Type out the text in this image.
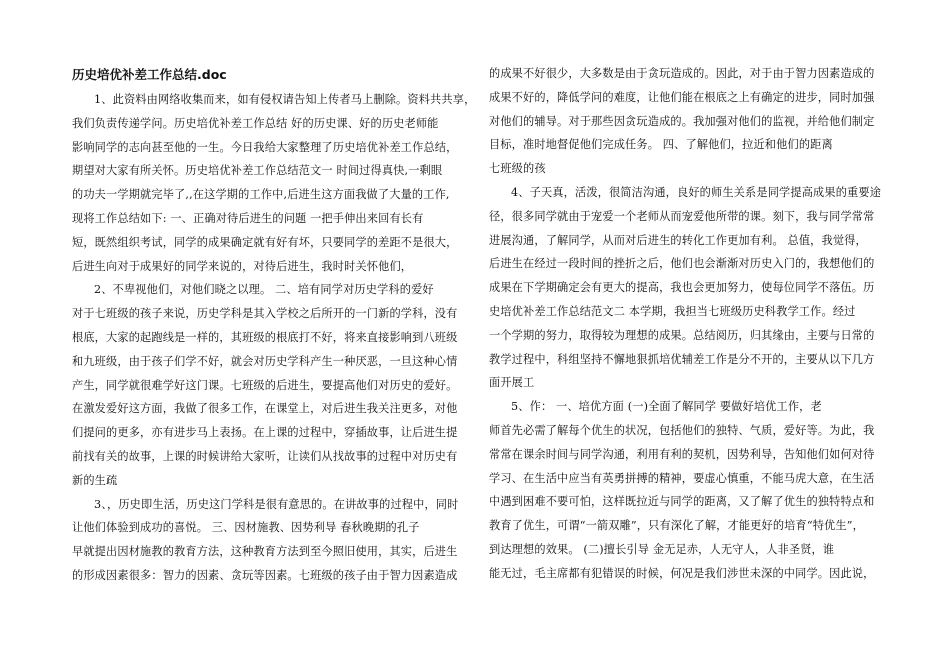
历史培优补差工作总结.doc
1、此资料由网络收集而来，如有侵权请告知上传者马上删除。资料共共享，
我们负责传递学问。历史培优补差工作总结 好的历史课、好的历史老师能
影响同学的志向甚至他的一生。今日我给大家整理了历史培优补差工作总结，
期望对大家有所关怀。历史培优补差工作总结范文一 时间过得真快,一剩眼
的功夫一学期就完毕了,,在这学期的工作中,后进生这方面我做了大量的工作,
现将工作总结如下: 一、正确对待后进生的问题 一把手伸出来回有长有
短，既然组织考试，同学的成果确定就有好有坏，只要同学的差距不是很大，
后进生向对于成果好的同学来说的，对待后进生，我时时关怀他们，
2、不卑视他们，对他们晓之以理。 二、培有同学对历史学科的爱好
对于七班级的孩子来说，历史学科是其入学校之后所开的一门新的学科，没有
根底，大家的起跑线是一样的，其班级的根底打不好，将来直接影响到八班级
和九班级，由于孩子们学不好，就会对历史学科产生一种厌恶，一旦这种心情
产生，同学就很难学好这门课。七班级的后进生，要提高他们对历史的爱好。
在激发爱好这方面，我做了很多工作，在课堂上，对后进生我关注更多，对他
们提问的更多，亦有进步马上表扬。在上课的过程中，穿插故事，让后进生提
前找有关的故事，上课的时候讲给大家听，让读们从找故事的过程中对历史有
新的生疏
3、，历史即生活，历史这门学科是很有意思的。在讲故事的过程中，同时
让他们体验到成功的喜悦。 三、因材施教、因势利导 春秋晚期的孔子
早就提出因材施教的教育方法，这种教育方法到至今照旧使用，其实，后进生
的形成因素很多：智力的因素、贪玩等因素。七班级的孩子由于智力因素造成
的成果不好很少，大多数是由于贪玩造成的。因此，对于由于智力因素造成的
成果不好的，降低学问的难度，让他们能在根底之上有确定的进步，同时加强
对他们的辅导。对于那些因贪玩造成的。我加强对他们的监视，并给他们制定
目标，准时地督促他们完成任务。 四、了解他们，拉近和他们的距离
七班级的孩
4、子天真，活泼，很简洁沟通，良好的师生关系是同学提高成果的重要途
径，很多同学就由于宠爱一个老师从而宠爱他所带的课。刻下，我与同学常常
进展沟通，了解同学，从而对后进生的转化工作更加有利。 总值，我觉得，
后进生在经过一段时间的挫折之后，他们也会渐渐对历史入门的，我想他们的
成果在下学期确定会有更大的提高，我也会更加努力，使每位同学不落伍。历
史培优补差工作总结范文二 本学期，我担当七班级历史科教学工作。经过
一个学期的努力，取得较为理想的成果。总结阅历，归其缘由，主要与日常的
教学过程中，科组坚持不懈地狠抓培优辅差工作是分不开的，主要从以下几方
面开展工
5、作： 一、培优方面 (一)全面了解同学 要做好培优工作，老
师首先必需了解每个优生的状况，包括他们的独特、气质，爱好等。为此，我
常常在课余时间与同学沟通，利用有利的契机，因势利导，告知他们如何对待
学习、在生活中应当有英勇拼搏的精神，要虚心慎重，不能马虎大意，在生活
中遇到困难不要可怕，这样既拉近与同学的距离，又了解了优生的独特特点和
教育了优生，可谓“一箭双雕”，只有深化了解，才能更好的培育“特优生”，
到达理想的效果。 (二)擅长引导 金无足赤，人无守人，人非圣贤，谁
能无过，毛主席都有犯错误的时候，何况是我们涉世未深的中同学。因此说，
